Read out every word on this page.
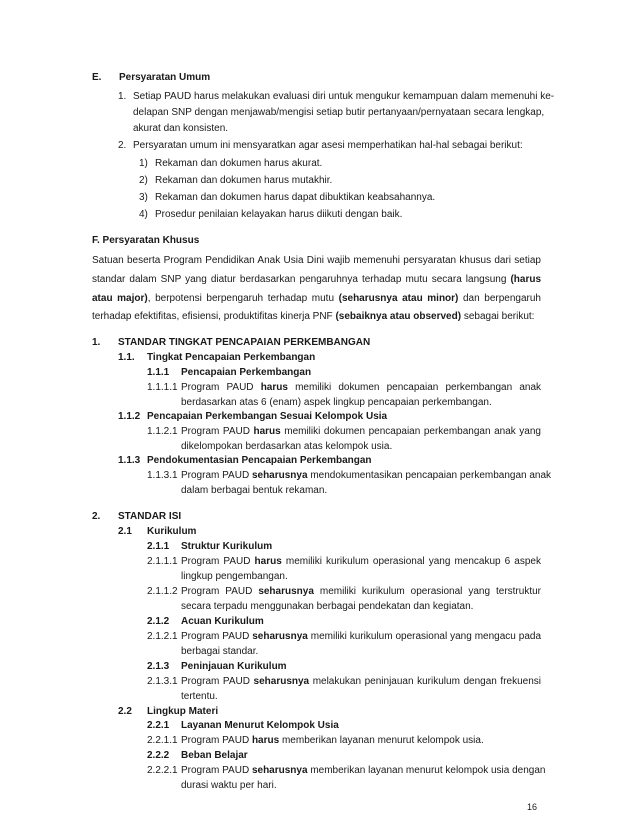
E. Persyaratan Umum
1. Setiap PAUD harus melakukan evaluasi diri untuk mengukur kemampuan dalam memenuhi ke-
delapan SNP dengan menjawab/mengisi setiap butir pertanyaan/pernyataan secara lengkap,
akurat dan konsisten.
2. Persyaratan umum ini mensyaratkan agar asesi memperhatikan hal-hal sebagai berikut:
1) Rekaman dan dokumen harus akurat.
2) Rekaman dan dokumen harus mutakhir.
3) Rekaman dan dokumen harus dapat dibuktikan keabsahannya.
4) Prosedur penilaian kelayakan harus diikuti dengan baik.
F. Persyaratan Khusus
Satuan beserta Program Pendidikan Anak Usia Dini wajib memenuhi persyaratan khusus dari setiap
standar dalam SNP yang diatur berdasarkan pengaruhnya terhadap mutu secara langsung (harus
atau major), berpotensi berpengaruh terhadap mutu (seharusnya atau minor) dan berpengaruh
terhadap efektifitas, efisiensi, produktifitas kinerja PNF (sebaiknya atau observed) sebagai berikut:
1. STANDAR TINGKAT PENCAPAIAN PERKEMBANGAN
1.1. Tingkat Pencapaian Perkembangan
1.1.1 Pencapaian Perkembangan
1.1.1.1 Program PAUD harus memiliki dokumen pencapaian perkembangan anak
berdasarkan atas 6 (enam) aspek lingkup pencapaian perkembangan.
1.1.2 Pencapaian Perkembangan Sesuai Kelompok Usia
1.1.2.1 Program PAUD harus memiliki dokumen pencapaian perkembangan anak yang
dikelompokan berdasarkan atas kelompok usia.
1.1.3 Pendokumentasian Pencapaian Perkembangan
1.1.3.1 Program PAUD seharusnya mendokumentasikan pencapaian perkembangan anak
dalam berbagai bentuk rekaman.
2. STANDAR ISI
2.1 Kurikulum
2.1.1 Struktur Kurikulum
2.1.1.1 Program PAUD harus memiliki kurikulum operasional yang mencakup 6 aspek
lingkup pengembangan.
2.1.1.2 Program PAUD seharusnya memiliki kurikulum operasional yang terstruktur
secara terpadu menggunakan berbagai pendekatan dan kegiatan.
2.1.2 Acuan Kurikulum
2.1.2.1 Program PAUD seharusnya memiliki kurikulum operasional yang mengacu pada
berbagai standar.
2.1.3 Peninjauan Kurikulum
2.1.3.1 Program PAUD seharusnya melakukan peninjauan kurikulum dengan frekuensi
tertentu.
2.2 Lingkup Materi
2.2.1 Layanan Menurut Kelompok Usia
2.2.1.1 Program PAUD harus memberikan layanan menurut kelompok usia.
2.2.2 Beban Belajar
2.2.2.1 Program PAUD seharusnya memberikan layanan menurut kelompok usia dengan
durasi waktu per hari.
16
